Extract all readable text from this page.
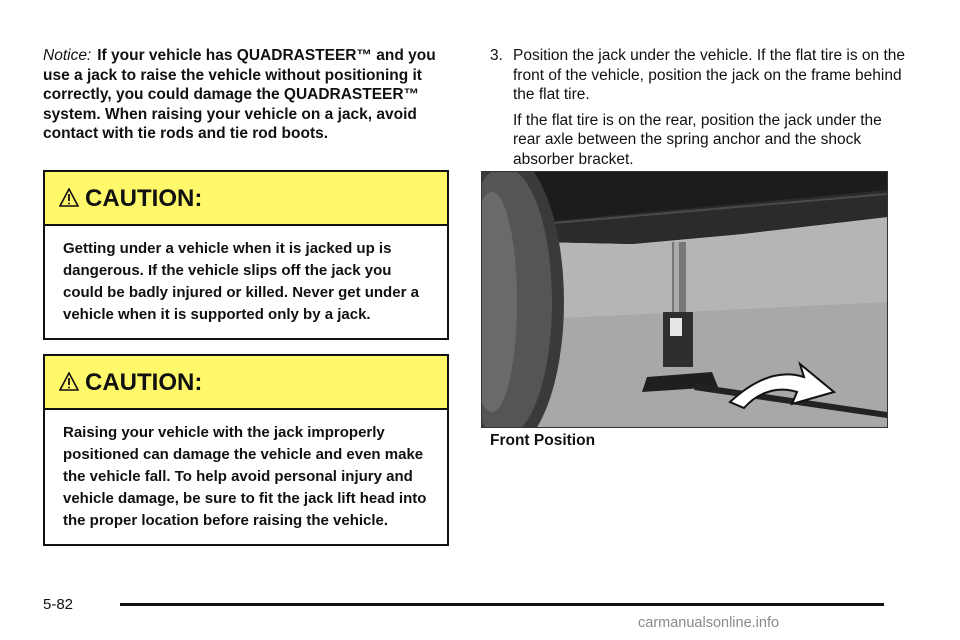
Notice: If your vehicle has QUADRASTEER™ and you use a jack to raise the vehicle without positioning it correctly, you could damage the QUADRASTEER™ system. When raising your vehicle on a jack, avoid contact with tie rods and tie rod boots.
CAUTION:
Getting under a vehicle when it is jacked up is dangerous. If the vehicle slips off the jack you could be badly injured or killed. Never get under a vehicle when it is supported only by a jack.
CAUTION:
Raising your vehicle with the jack improperly positioned can damage the vehicle and even make the vehicle fall. To help avoid personal injury and vehicle damage, be sure to fit the jack lift head into the proper location before raising the vehicle.
3. Position the jack under the vehicle. If the flat tire is on the front of the vehicle, position the jack on the frame behind the flat tire.
If the flat tire is on the rear, position the jack under the rear axle between the spring anchor and the shock absorber bracket.
Front Position
5-82
carmanualsonline.info
